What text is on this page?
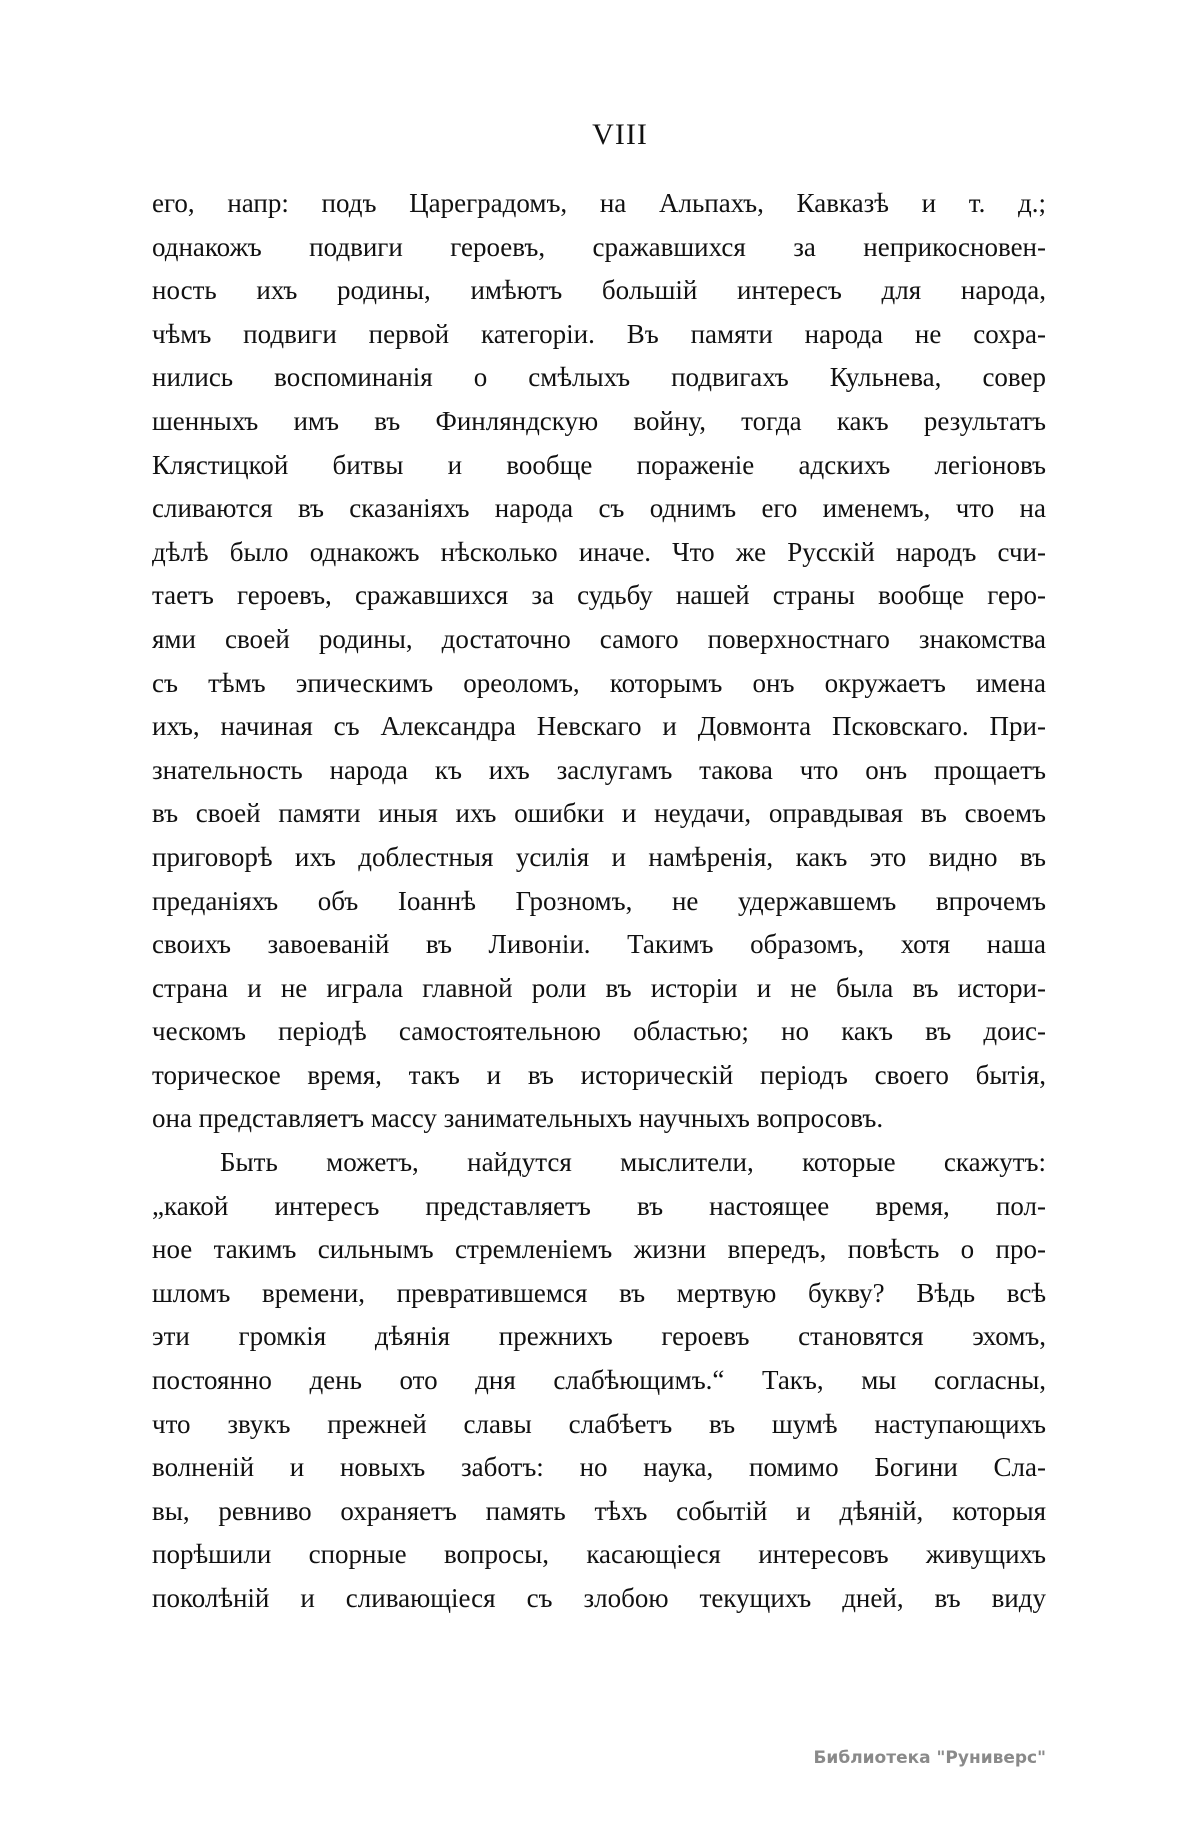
VIII
его, напр: подъ Цареградомъ, на Альпахъ, Кавказѣ и т. д.;
однакожъ подвиги героевъ, сражавшихся за неприкосновен-
ность ихъ родины, имѣютъ большiй интересъ для народа,
чѣмъ подвиги первой категорiи. Въ памяти народа не сохра-
нились воспоминанiя о смѣлыхъ подвигахъ Кульнева, совер
шенныхъ имъ въ Финляндскую войну, тогда какъ результатъ
Клястицкой битвы и вообще пораженiе адскихъ легiоновъ
сливаются въ сказанiяхъ народа съ однимъ его именемъ, что на
дѣлѣ было однакожъ нѣсколько иначе. Что же Русскiй народъ счи-
таетъ героевъ, сражавшихся за судьбу нашей страны вообще геро-
ями своей родины, достаточно самого поверхностнаго знакомства
съ тѣмъ эпическимъ ореоломъ, которымъ онъ окружаетъ имена
ихъ, начиная съ Александра Невскаго и Довмонта Псковскаго. При-
знательность народа къ ихъ заслугамъ такова что онъ прощаетъ
въ своей памяти иныя ихъ ошибки и неудачи, оправдывая въ своемъ
приговорѣ ихъ доблестныя усилiя и намѣренiя, какъ это видно въ
преданiяхъ объ Iоаннѣ Грозномъ, не удержавшемъ впрочемъ
своихъ завоеванiй въ Ливонiи. Такимъ образомъ, хотя наша
страна и не играла главной роли въ исторiи и не была въ истори-
ческомъ перiодѣ самостоятельною областью; но какъ въ доис-
торическое время, такъ и въ историческiй перiодъ своего бытiя,
она представляетъ массу занимательныхъ научныхъ вопросовъ.
Быть можетъ, найдутся мыслители, которые скажутъ:
„какой интересъ представляетъ въ настоящее время, пол-
ное такимъ сильнымъ стремленiемъ жизни впередъ, повѣсть о про-
шломъ времени, превратившемся въ мертвую букву? Вѣдь всѣ
эти громкiя дѣянiя прежнихъ героевъ становятся эхомъ,
постоянно день ото дня слабѣющимъ.“ Такъ, мы согласны,
что звукъ прежней славы слабѣетъ въ шумѣ наступающихъ
волненiй и новыхъ заботъ: но наука, помимо Богини Сла-
вы, ревниво охраняетъ память тѣхъ событiй и дѣянiй, которыя
порѣшили спорные вопросы, касающiеся интересовъ живущихъ
поколѣнiй и сливающiеся съ злобою текущихъ дней, въ виду
Библиотека "Руниверс"
